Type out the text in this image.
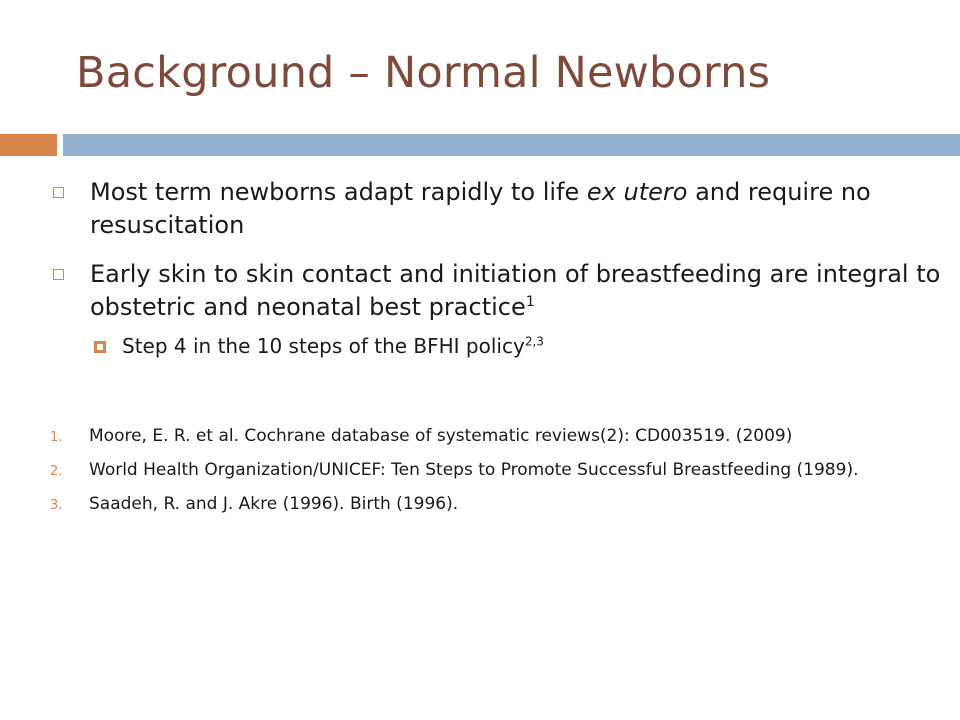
Background – Normal Newborns
Most term newborns adapt rapidly to life ex utero and require no resuscitation
Early skin to skin contact and initiation of breastfeeding are integral to obstetric and neonatal best practice$^1$
Step 4 in the 10 steps of the BFHI policy$^{2,3}$
1. Moore, E. R. et al. Cochrane database of systematic reviews(2): CD003519. (2009)
2. World Health Organization/UNICEF: Ten Steps to Promote Successful Breastfeeding (1989).
3. Saadeh, R. and J. Akre (1996). Birth (1996).
